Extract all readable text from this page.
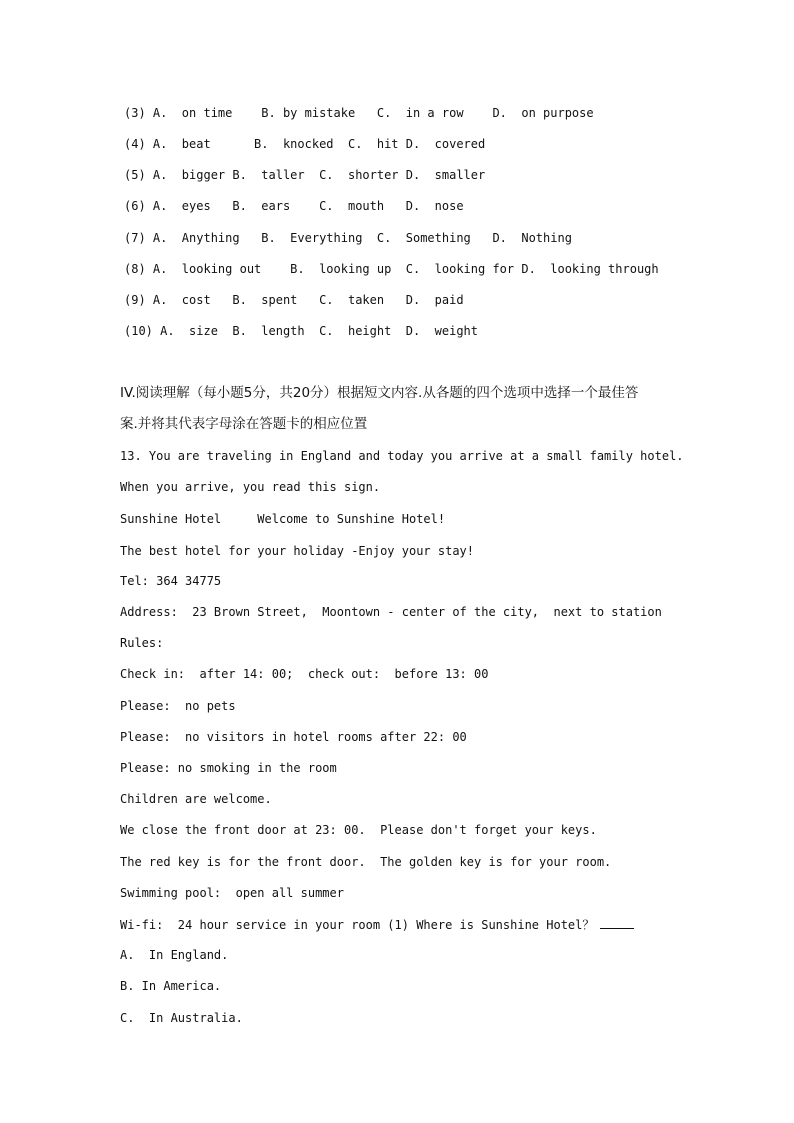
(3) A.  on time    B. by mistake   C.  in a row    D.  on purpose
(4) A.  beat      B.  knocked  C.  hit D.  covered
(5) A.  bigger B.  taller  C.  shorter D.  smaller
(6) A.  eyes   B.  ears    C.  mouth   D.  nose
(7) A.  Anything   B.  Everything  C.  Something   D.  Nothing
(8) A.  looking out    B.  looking up  C.  looking for D.  looking through
(9) A.  cost   B.  spent   C.  taken   D.  paid
(10) A.  size  B.  length  C.  height  D.  weight
IV.阅读理解（每小题5分，共20分）根据短文内容.从各题的四个选项中选择一个最佳答
案.并将其代表字母涂在答题卡的相应位置
13. You are traveling in England and today you arrive at a small family hotel.
When you arrive, you read this sign.
Sunshine Hotel     Welcome to Sunshine Hotel!
The best hotel for your holiday -Enjoy your stay!
Tel: 364 34775
Address:  23 Brown Street,  Moontown - center of the city,  next to station
Rules:
Check in:  after 14: 00;  check out:  before 13: 00
Please:  no pets
Please:  no visitors in hotel rooms after 22: 00
Please: no smoking in the room
Children are welcome.
We close the front door at 23: 00.  Please don't forget your keys.
The red key is for the front door.  The golden key is for your room.
Swimming pool:  open all summer
Wi-fi:  24 hour service in your room (1) Where is Sunshine Hotel？
A.  In England.
B. In America.
C.  In Australia.
